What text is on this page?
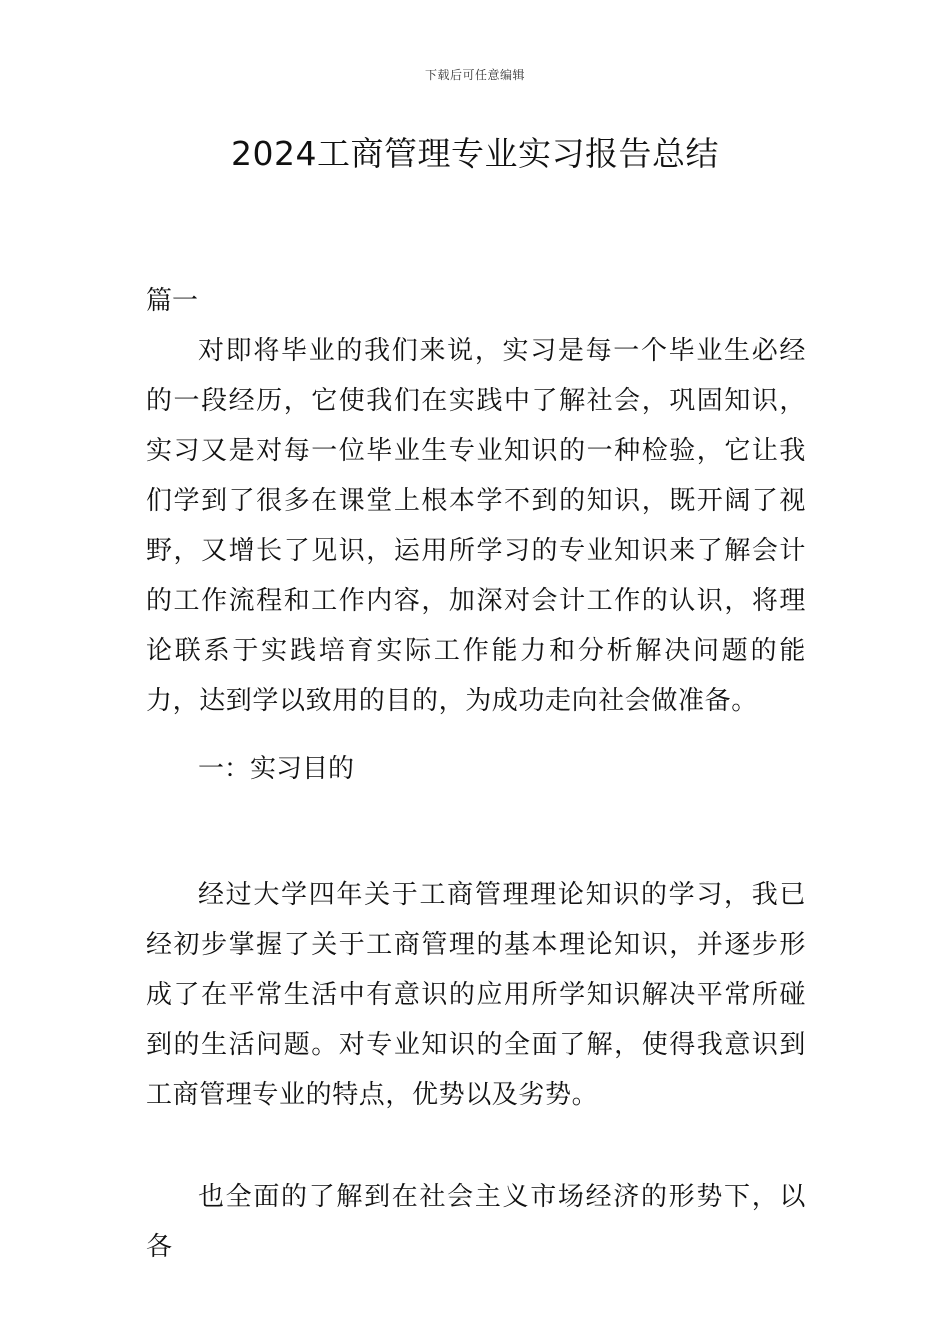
下载后可任意编辑
2024工商管理专业实习报告总结
篇一

对即将毕业的我们来说，实习是每一个毕业生必经的一段经历，它使我们在实践中了解社会，巩固知识，实习又是对每一位毕业生专业知识的一种检验，它让我们学到了很多在课堂上根本学不到的知识，既开阔了视野，又增长了见识，运用所学习的专业知识来了解会计的工作流程和工作内容，加深对会计工作的认识，将理论联系于实践培育实际工作能力和分析解决问题的能力，达到学以致用的目的，为成功走向社会做准备。

一：实习目的

经过大学四年关于工商管理理论知识的学习，我已经初步掌握了关于工商管理的基本理论知识，并逐步形成了在平常生活中有意识的应用所学知识解决平常所碰到的生活问题。对专业知识的全面了解，使得我意识到工商管理专业的特点，优势以及劣势。

也全面的了解到在社会主义市场经济的形势下，以各
